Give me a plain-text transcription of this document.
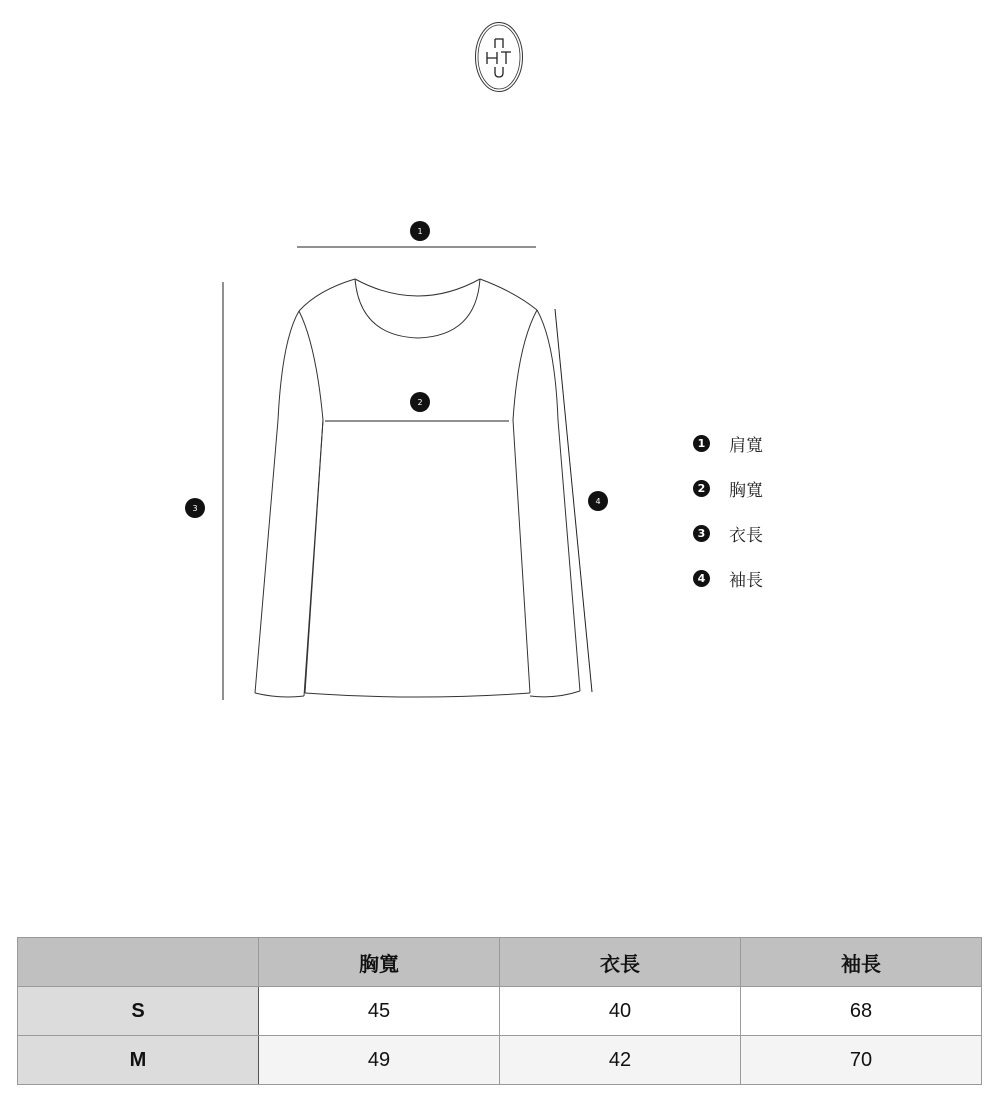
1
3
4
2
1 肩寬
2 胸寬
3 衣長
4 袖長
	胸寬	衣長	袖長
S	45	40	68
M	49	42	70
